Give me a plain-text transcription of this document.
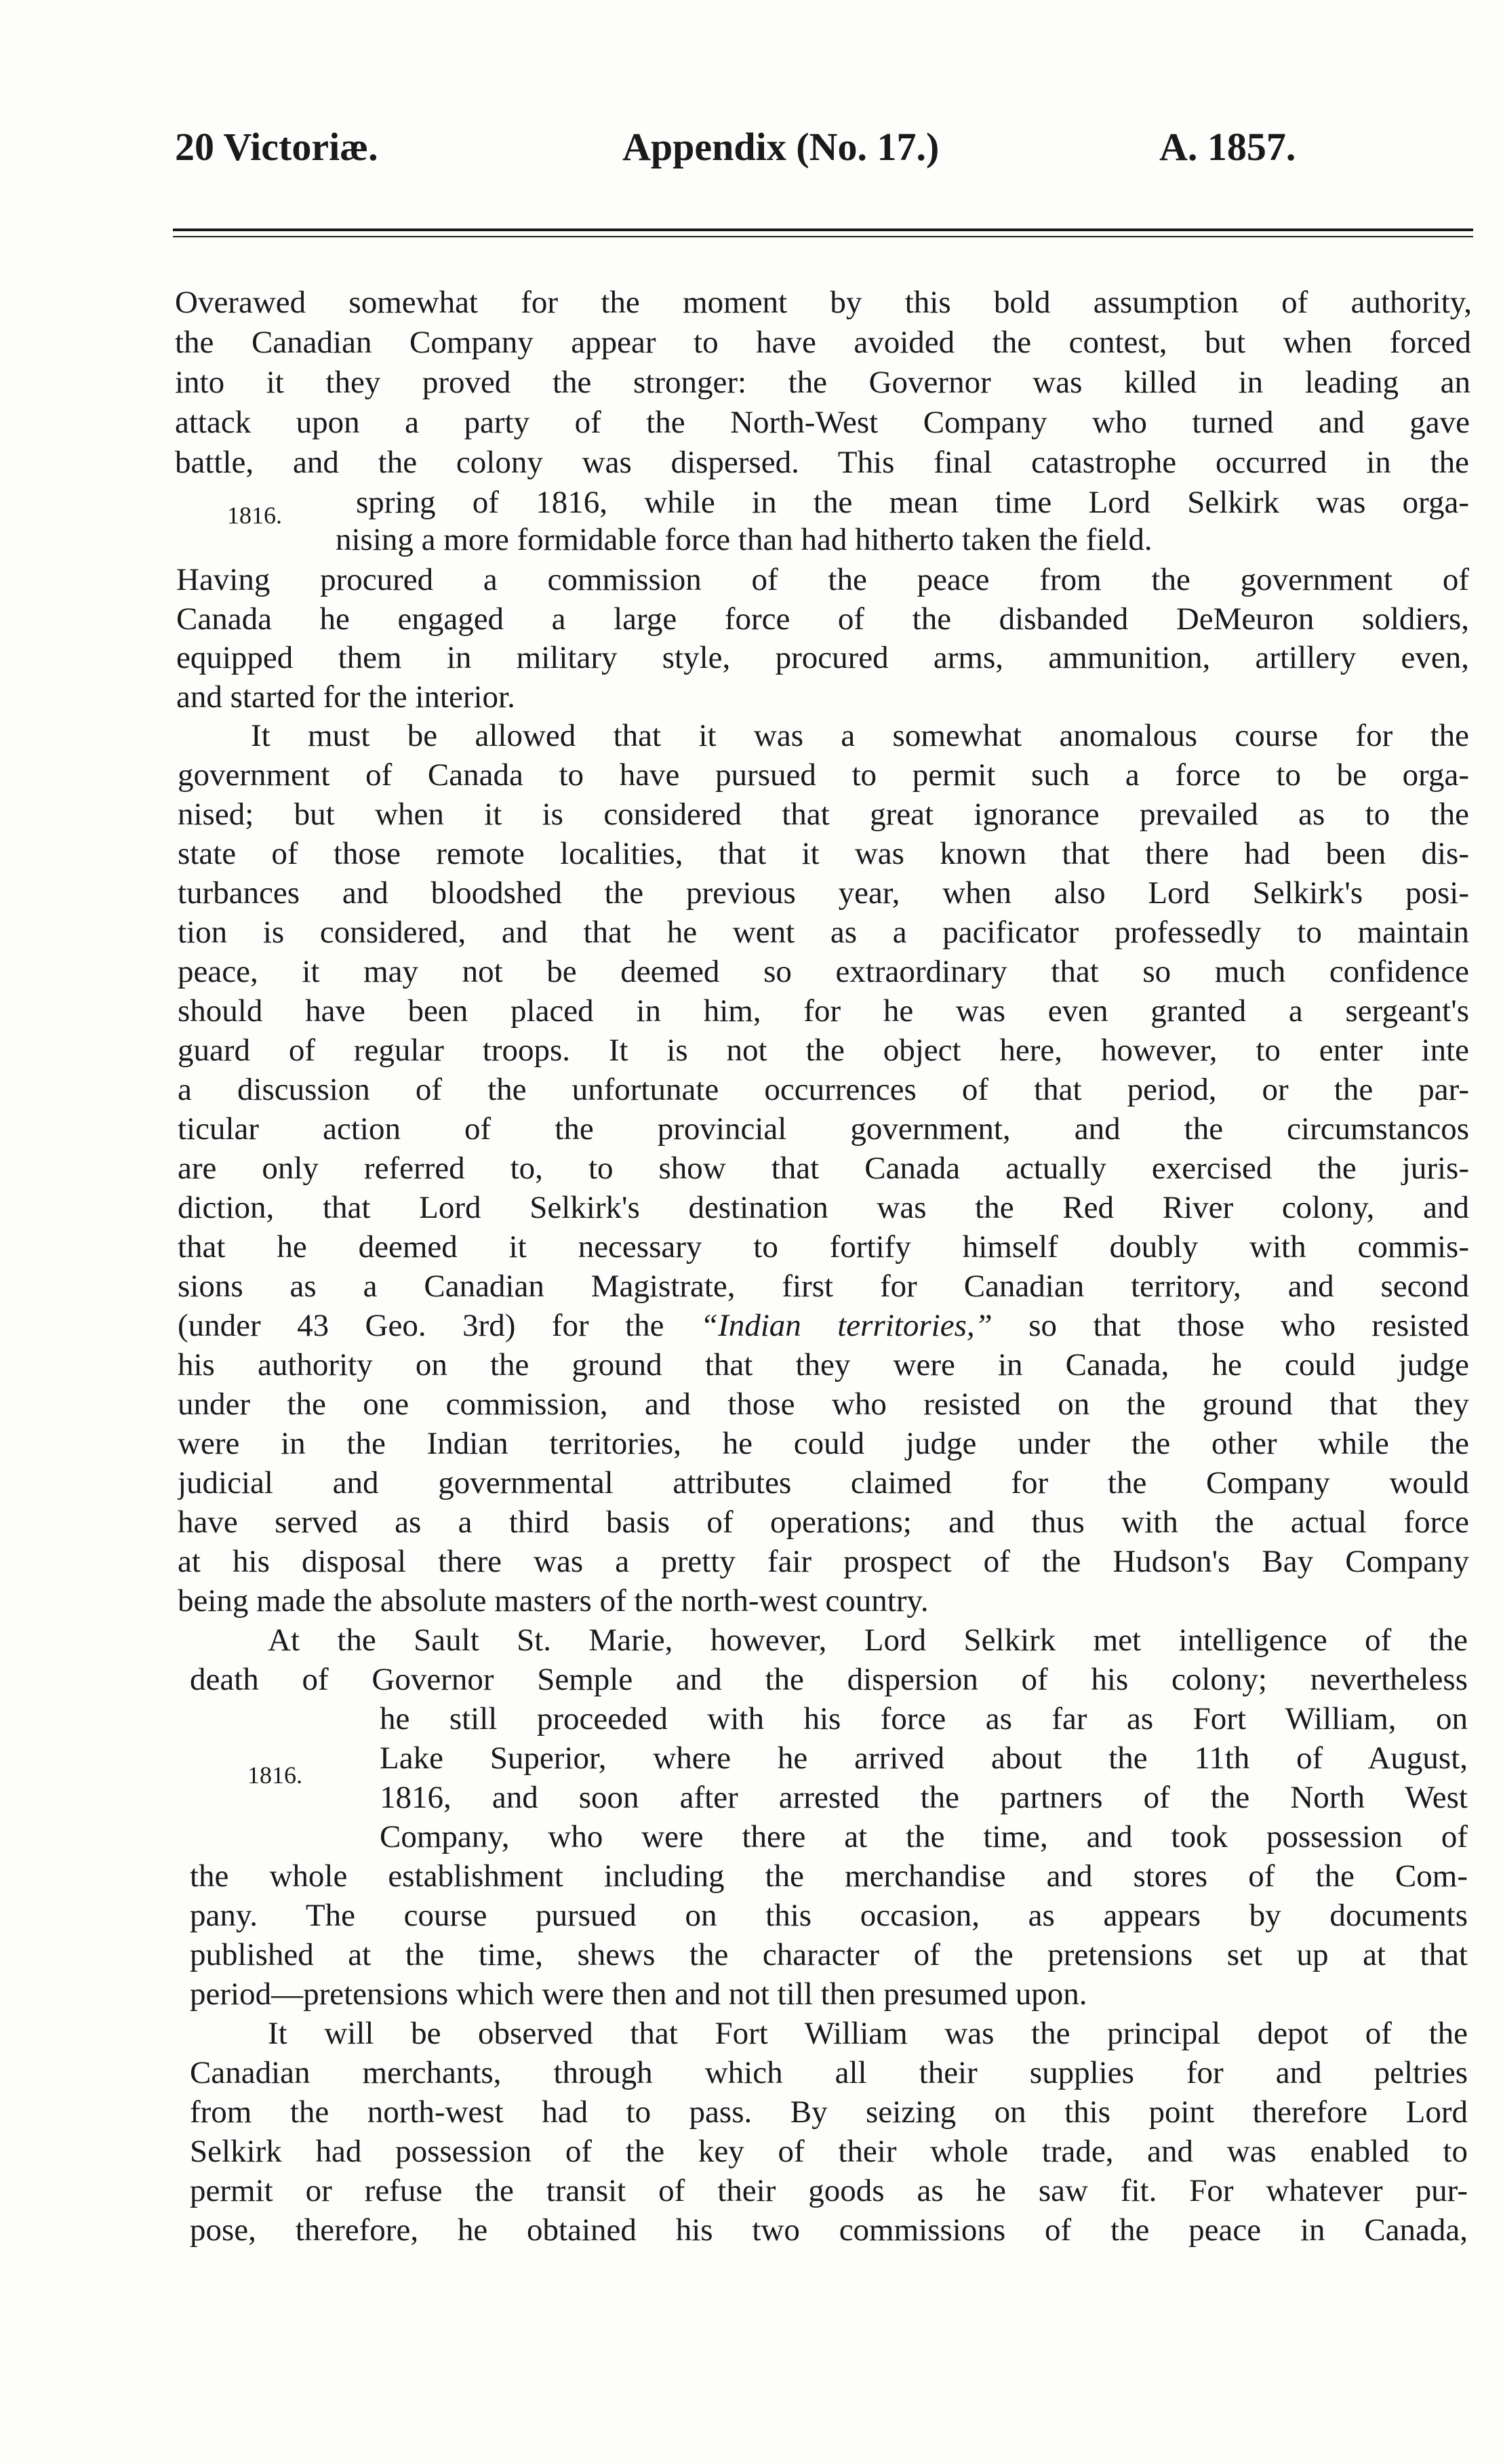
20 Victoriæ.	Appendix (No. 17.)	A. 1857.
1816.
1816.
Overawed somewhat for the moment by this bold assumption of authority,
the Canadian Company appear to have avoided the contest, but when forced
into it they proved the stronger: the Governor was killed in leading an
attack upon a party of the North-West Company who turned and gave
battle, and the colony was dispersed. This final catastrophe occurred in the
spring of 1816, while in the mean time Lord Selkirk was orga-
nising a more formidable force than had hitherto taken the field.
Having procured a commission of the peace from the government of
Canada he engaged a large force of the disbanded DeMeuron soldiers,
equipped them in military style, procured arms, ammunition, artillery even,
and started for the interior.
It must be allowed that it was a somewhat anomalous course for the
government of Canada to have pursued to permit such a force to be orga-
nised; but when it is considered that great ignorance prevailed as to the
state of those remote localities, that it was known that there had been dis-
turbances and bloodshed the previous year, when also Lord Selkirk's posi-
tion is considered, and that he went as a pacificator professedly to maintain
peace, it may not be deemed so extraordinary that so much confidence
should have been placed in him, for he was even granted a sergeant's
guard of regular troops. It is not the object here, however, to enter inte
a discussion of the unfortunate occurrences of that period, or the par-
ticular action of the provincial government, and the circumstancos
are only referred to, to show that Canada actually exercised the juris-
diction, that Lord Selkirk's destination was the Red River colony, and
that he deemed it necessary to fortify himself doubly with commis-
sions as a Canadian Magistrate, first for Canadian territory, and second
(under 43 Geo. 3rd) for the “Indian territories,” so that those who resisted
his authority on the ground that they were in Canada, he could judge
under the one commission, and those who resisted on the ground that they
were in the Indian territories, he could judge under the other while the
judicial and governmental attributes claimed for the Company would
have served as a third basis of operations; and thus with the actual force
at his disposal there was a pretty fair prospect of the Hudson's Bay Company
being made the absolute masters of the north-west country.
At the Sault St. Marie, however, Lord Selkirk met intelligence of the
death of Governor Semple and the dispersion of his colony; nevertheless
he still proceeded with his force as far as Fort William, on
Lake Superior, where he arrived about the 11th of August,
1816, and soon after arrested the partners of the North West
Company, who were there at the time, and took possession of
the whole establishment including the merchandise and stores of the Com-
pany. The course pursued on this occasion, as appears by documents
published at the time, shews the character of the pretensions set up at that
period—pretensions which were then and not till then presumed upon.
It will be observed that Fort William was the principal depot of the
Canadian merchants, through which all their supplies for and peltries
from the north-west had to pass. By seizing on this point therefore Lord
Selkirk had possession of the key of their whole trade, and was enabled to
permit or refuse the transit of their goods as he saw fit. For whatever pur-
pose, therefore, he obtained his two commissions of the peace in Canada,
